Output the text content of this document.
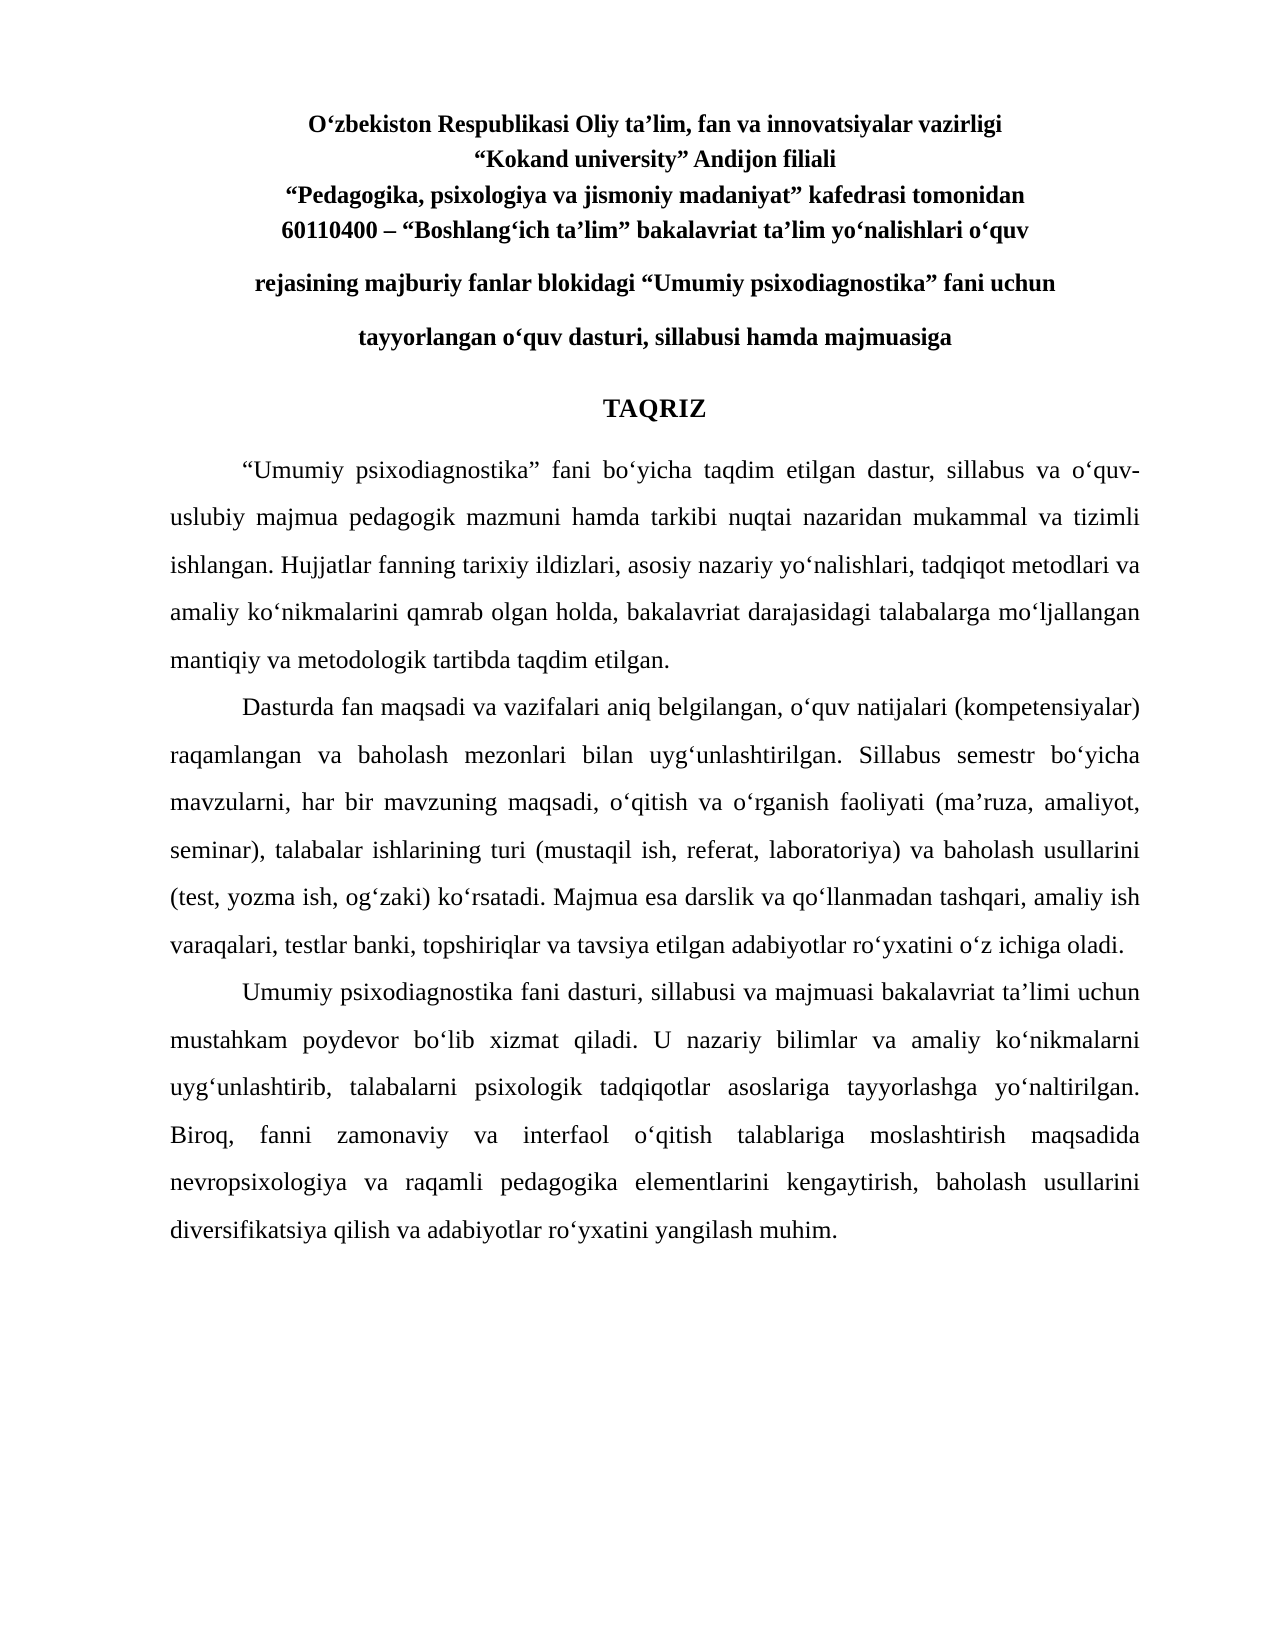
O‘zbekiston Respublikasi Oliy ta’lim, fan va innovatsiyalar vazirligi
“Kokand university” Andijon filiali
“Pedagogika, psixologiya va jismoniy madaniyat” kafedrasi tomonidan
60110400 – “Boshlang‘ich ta’lim” bakalavriat ta’lim yo‘nalishlari o‘quv
rejasining majburiy fanlar blokidagi “Umumiy psixodiagnostika” fani uchun
tayyorlangan o‘quv dasturi, sillabusi hamda majmuasiga
TAQRIZ

“Umumiy psixodiagnostika” fani bo‘yicha taqdim etilgan dastur, sillabus va o‘quv-uslubiy majmua pedagogik mazmuni hamda tarkibi nuqtai nazaridan mukammal va tizimli ishlangan. Hujjatlar fanning tarixiy ildizlari, asosiy nazariy yo‘nalishlari, tadqiqot metodlari va amaliy ko‘nikmalarini qamrab olgan holda, bakalavriat darajasidagi talabalarga mo‘ljallangan mantiqiy va metodologik tartibda taqdim etilgan.

Dasturda fan maqsadi va vazifalari aniq belgilangan, o‘quv natijalari (kompetensiyalar) raqamlangan va baholash mezonlari bilan uyg‘unlashtirilgan. Sillabus semestr bo‘yicha mavzularni, har bir mavzuning maqsadi, o‘qitish va o‘rganish faoliyati (ma’ruza, amaliyot, seminar), talabalar ishlarining turi (mustaqil ish, referat, laboratoriya) va baholash usullarini (test, yozma ish, og‘zaki) ko‘rsatadi. Majmua esa darslik va qo‘llanmadan tashqari, amaliy ish varaqalari, testlar banki, topshiriqlar va tavsiya etilgan adabiyotlar ro‘yxatini o‘z ichiga oladi.

Umumiy psixodiagnostika fani dasturi, sillabusi va majmuasi bakalavriat ta’limi uchun mustahkam poydevor bo‘lib xizmat qiladi. U nazariy bilimlar va amaliy ko‘nikmalarni uyg‘unlashtirib, talabalarni psixologik tadqiqotlar asoslariga tayyorlashga yo‘naltirilgan. Biroq, fanni zamonaviy va interfaol o‘qitish talablariga moslashtirish maqsadida nevropsixologiya va raqamli pedagogika elementlarini kengaytirish, baholash usullarini diversifikatsiya qilish va adabiyotlar ro‘yxatini yangilash muhim.
